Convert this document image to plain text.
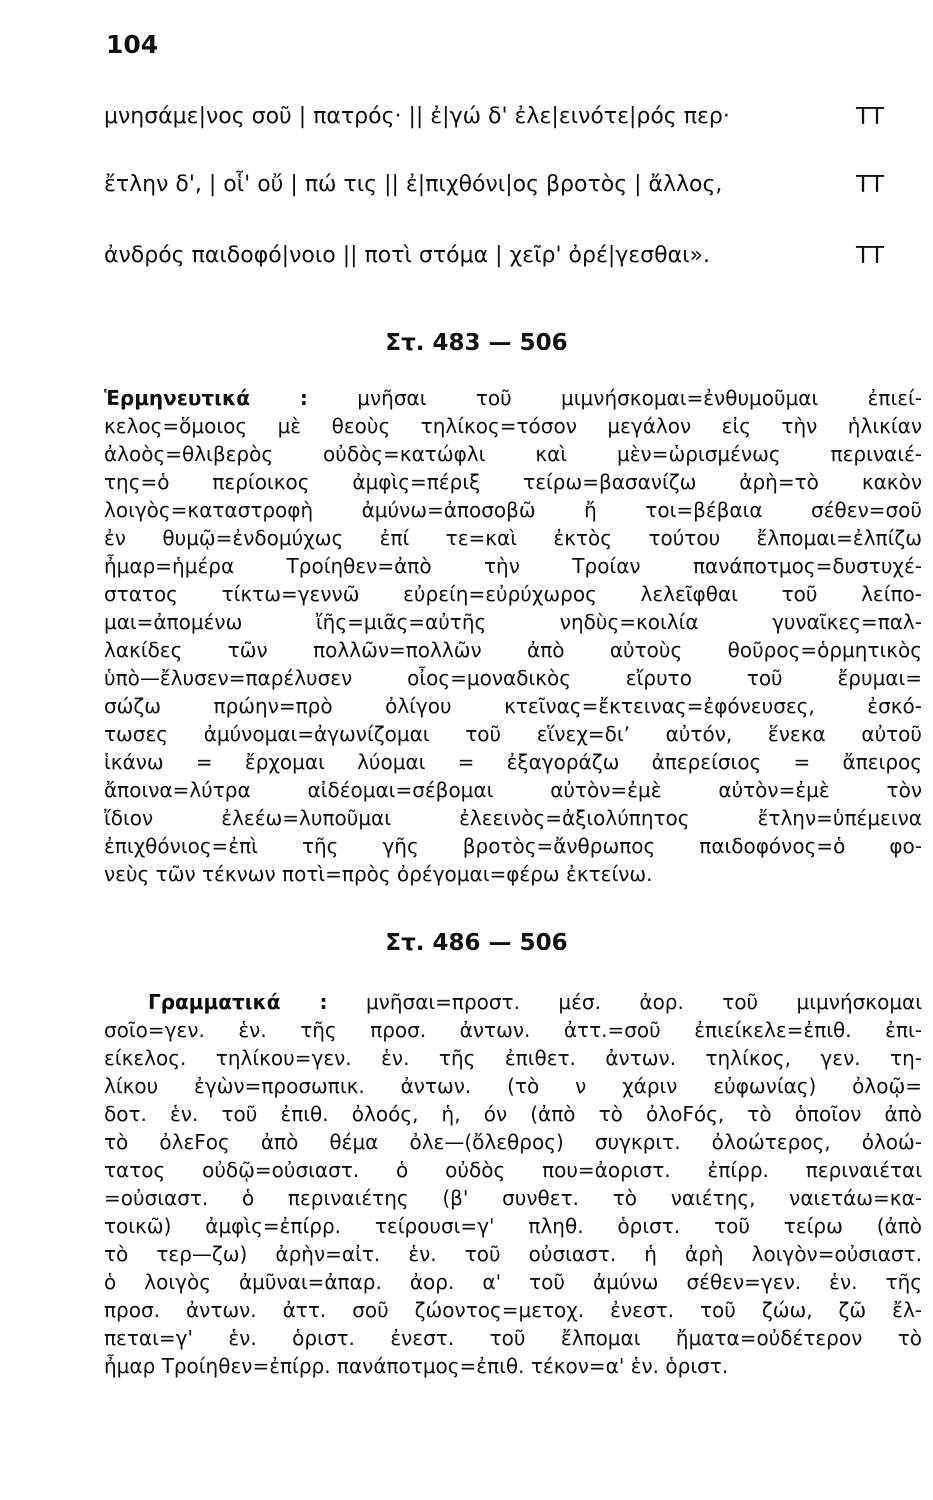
104
μνησάμε|νος σοῦ | πατρός· || ἐ|γώ δ' ἐλε|εινότε|ρός περ·	ΤΤ
ἔτλην δ', | οἷ' οὔ | πώ τις || ἐ|πιχθόνι|ος βροτὸς | ἄλλος,	ΤΤ
ἀνδρός παιδοφό|νοιο || ποτὶ στόμα | χεῖρ' ὀρέ|γεσθαι».	ΤΤ
Στ. 483 — 506
Ἑρμηνευτικά : μνῆσαι τοῦ μιμνήσκομαι=ἐνθυμοῦμαι ἐπιεί-
κελος=ὅμοιος μὲ θεοὺς τηλίκος=τόσον μεγάλον εἰς τὴν ἡλικίαν
ἀλοὸς=θλιβερὸς οὐδὸς=κατώφλι καὶ μὲν=ὡρισμένως περιναιέ-
της=ὁ περίοικος ἀμφὶς=πέριξ τείρω=βασανίζω ἀρὴ=τὸ κακὸν
λοιγὸς=καταστροφὴ ἀμύνω=ἀποσοβῶ ἤ τοι=βέβαια σέθεν=σοῦ
ἐν θυμῷ=ἐνδομύχως ἐπί τε=καὶ ἐκτὸς τούτου ἔλπομαι=ἐλπίζω
ἦμαρ=ἡμέρα Τροίηθεν=ἀπὸ τὴν Τροίαν πανάποτμος=δυστυχέ-
στατος τίκτω=γεννῶ εὐρείη=εὐρύχωρος λελεῖφθαι τοῦ λείπο-
μαι=ἀπομένω ἴῆς=μιᾶς=αὐτῆς νηδὺς=κοιλία γυναῖκες=παλ-
λακίδες τῶν πολλῶν=πολλῶν ἀπὸ αὐτοὺς θοῦρος=ὁρμητικὸς
ὑπὸ—ἔλυσεν=παρέλυσεν οἶος=μοναδικὸς εἴρυτο τοῦ ἔρυμαι=
σώζω πρώην=πρὸ ὀλίγου κτεῖνας=ἔκτεινας=ἐφόνευσες, ἐσκό-
τωσες ἀμύνομαι=ἀγωνίζομαι τοῦ εἵνεχ=διʼ αὐτόν, ἕνεκα αὐτοῦ
ἱκάνω = ἔρχομαι λύομαι = ἐξαγοράζω ἀπερείσιος = ἄπειρος
ἄποινα=λύτρα αἰδέομαι=σέβομαι αὐτὸν=ἐμὲ αὐτὸν=ἐμὲ τὸν
ἴδιον ἐλεέω=λυποῦμαι ἐλεεινὸς=ἀξιολύπητος ἔτλην=ὑπέμεινα
ἐπιχθόνιος=ἐπὶ τῆς γῆς βροτὸς=ἄνθρωπος παιδοφόνος=ὁ φο-
νεὺς τῶν τέκνων ποτὶ=πρὸς ὀρέγομαι=φέρω ἐκτείνω.
Στ. 486 — 506
Γραμματικά : μνῆσαι=προστ. μέσ. ἀορ. τοῦ μιμνήσκομαι
σοῖο=γεν. ἑν. τῆς προσ. ἀντων. ἀττ.=σοῦ ἐπιείκελε=ἐπιθ. ἐπι-
είκελος. τηλίκου=γεν. ἑν. τῆς ἐπιθετ. ἀντων. τηλίκος, γεν. τη-
λίκου ἐγὼν=προσωπικ. ἀντων. (τὸ ν χάριν εὐφωνίας) ὀλοῷ=
δοτ. ἑν. τοῦ ἐπιθ. ὀλοός, ἡ, όν (ἀπὸ τὸ ὀλοϜός, τὸ ὁποῖον ἀπὸ
τὸ ὀλεϜος ἀπὸ θέμα ὀλε—(ὄλεθρος) συγκριτ. ὀλοώτερος, ὀλοώ-
τατος οὐδῷ=οὐσιαστ. ὁ οὐδὸς που=ἀοριστ. ἐπίρρ. περιναιέται
=οὐσιαστ. ὁ περιναιέτης (β' συνθετ. τὸ ναιέτης, ναιετάω=κα-
τοικῶ) ἀμφὶς=ἐπίρρ. τείρουσι=γ' πληθ. ὁριστ. τοῦ τείρω (ἀπὸ
τὸ τερ—ζω) ἀρὴν=αἰτ. ἑν. τοῦ οὐσιαστ. ἡ ἀρὴ λοιγὸν=οὐσιαστ.
ὁ λοιγὸς ἀμῦναι=ἀπαρ. ἀορ. α' τοῦ ἀμύνω σέθεν=γεν. ἑν. τῆς
προσ. ἀντων. ἀττ. σοῦ ζώοντος=μετοχ. ἐνεστ. τοῦ ζώω, ζῶ ἔλ-
πεται=γ' ἑν. ὁριστ. ἐνεστ. τοῦ ἔλπομαι ἤματα=οὐδέτερον τὸ
ἦμαρ Τροίηθεν=ἐπίρρ. πανάποτμος=ἐπιθ. τέκον=α' ἑν. ὁριστ.
